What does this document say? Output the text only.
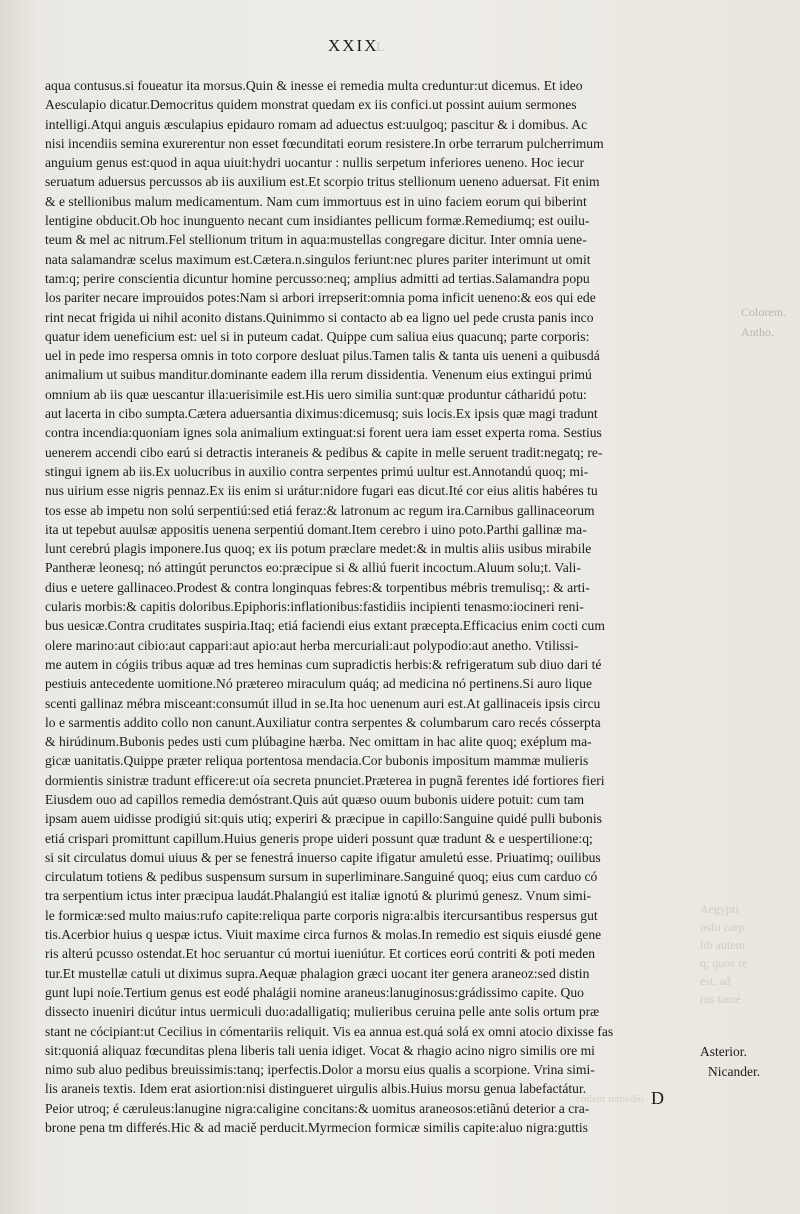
XXIX
L
aqua contusus.si foueatur ita morsus.Quin & inesse ei remedia multa creduntur:ut dicemus. Et ideo
Aesculapio dicatur.Democritus quidem monstrat quedam ex iis confici.ut possint auium sermones
intelligi.Atqui anguis æsculapius epidauro romam ad aduectus est:uulgoq; pascitur & i domibus. Ac
nisi incendiis semina exurerentur non esset fœcunditati eorum resistere.In orbe terrarum pulcherrimum
anguium genus est:quod in aqua uiuit:hydri uocantur : nullis serpetum inferiores ueneno. Hoc iecur
seruatum aduersus percussos ab iis auxilium est.Et scorpio tritus stellionum ueneno aduersat. Fit enim
& e stellionibus malum medicamentum. Nam cum immortuus est in uino faciem eorum qui biberint
lentigine obducit.Ob hoc inunguento necant cum insidiantes pellicum formæ.Remediumq; est ouilu-
teum & mel ac nitrum.Fel stellionum tritum in aqua:mustellas congregare dicitur. Inter omnia uene-
nata salamandræ scelus maximum est.Cætera.n.singulos feriunt:nec plures pariter interimunt ut omit
tam:q; perire conscientia dicuntur homine percusso:neq; amplius admitti ad tertias.Salamandra popu
los pariter necare improuidos potes:Nam si arbori irrepserit:omnia poma inficit ueneno:& eos qui ede
rint necat frigida ui nihil aconito distans.Quinimmo si contacto ab ea ligno uel pede crusta panis inco
quatur idem ueneficium est: uel si in puteum cadat. Quippe cum saliua eius quacunq; parte corporis:
uel in pede imo respersa omnis in toto corpore desluat pilus.Tamen talis & tanta uis ueneni a quibusdá
animalium ut suibus manditur.dominante eadem illa rerum dissidentia. Venenum eius extingui primú
omnium ab iis quæ uescantur illa:uerisimile est.His uero similia sunt:quæ produntur cátharidú potu:
aut lacerta in cibo sumpta.Cætera aduersantia diximus:dicemusq; suis locis.Ex ipsis quæ magi tradunt
contra incendia:quoniam ignes sola animalium extinguat:si forent uera iam esset experta roma. Sestius
uenerem accendi cibo earú si detractis interaneis & pedibus & capite in melle seruent tradit:negatq; re-
stingui ignem ab iis.Ex uolucribus in auxilio contra serpentes primú uultur est.Annotandú quoq; mi-
nus uirium esse nigris pennaz.Ex iis enim si urátur:nidore fugari eas dicut.Ité cor eius alitis habéres tu
tos esse ab impetu non solú serpentiú:sed etiá feraz:& latronum ac regum ira.Carnibus gallinaceorum
ita ut tepebut auulsæ appositis uenena serpentiú domant.Item cerebro i uino poto.Parthi gallinæ ma-
lunt cerebrú plagis imponere.Ius quoq; ex iis potum præclare medet:& in multis aliis usibus mirabile
Pantheræ leonesq; nó attingút perunctos eo:præcipue si & alliú fuerit incoctum.Aluum solu;t. Vali-
dius e uetere gallinaceo.Prodest & contra longinquas febres:& torpentibus mébris tremulisq;: & arti-
cularis morbis:& capitis doloribus.Epiphoris:inflationibus:fastidiis incipienti tenasmo:iocineri reni-
bus uesicæ.Contra cruditates suspiria.Itaq; etiá faciendi eius extant præcepta.Efficacius enim cocti cum
olere marino:aut cibio:aut cappari:aut apio:aut herba mercuriali:aut polypodio:aut anetho. Vtilissi-
me autem in cógiis tribus aquæ ad tres heminas cum supradictis herbis:& refrigeratum sub diuo dari té
pestiuis antecedente uomitione.Nó prætereo miraculum quáq; ad medicina nó pertinens.Si auro lique
scenti gallinaz mébra misceant:consumút illud in se.Ita hoc uenenum auri est.At gallinaceis ipsis circu
lo e sarmentis addito collo non canunt.Auxiliatur contra serpentes & columbarum caro recés cósserpta
& hirúdinum.Bubonis pedes usti cum plúbagine hærba. Nec omittam in hac alite quoq; exéplum ma-
gicæ uanitatis.Quippe præter reliqua portentosa mendacia.Cor bubonis impositum mammæ mulieris
dormientis sinistræ tradunt efficere:ut oía secreta pnunciet.Præterea in pugnã ferentes idé fortiores fieri
Eiusdem ouo ad capillos remedia demóstrant.Quis aút quæso ouum bubonis uidere potuit: cum tam
ipsam auem uidisse prodigiú sit:quis utiq; experiri & præcipue in capillo:Sanguine quidé pulli bubonis
etiá crispari promittunt capillum.Huius generis prope uideri possunt quæ tradunt & e uespertilione:q;
si sit circulatus domui uiuus & per se fenestrá inuerso capite ifigatur amuletú esse. Priuatimq; ouilibus
circulatum totiens & pedibus suspensum sursum in superliminare.Sanguiné quoq; eius cum carduo có
tra serpentium ictus inter præcipua laudát.Phalangiú est italiæ ignotú & plurimú genesz. Vnum simi-
le formicæ:sed multo maius:rufo capite:reliqua parte corporis nigra:albis itercursantibus respersus gut
tis.Acerbior huius q uespæ ictus. Viuit maxime circa furnos & molas.In remedio est siquis eiusdé gene
ris alterú pcusso ostendat.Et hoc seruantur cú mortui iueniútur. Et cortices eorú contriti & poti meden
tur.Et mustellæ catuli ut diximus supra.Aequæ phalagion græci uocant iter genera araneoz:sed distin
gunt lupi noíe.Tertium genus est eodé phalágii nomine araneus:lanuginosus:grádissimo capite. Quo
dissecto inueniri dicútur intus uermiculi duo:adalligatiq; mulieribus ceruina pelle ante solis ortum præ
stant ne cócipiant:ut Cecilius in cómentariis reliquit. Vis ea annua est.quá solá ex omni atocio dixisse fas
sit:quoniá aliquaz fœcunditas plena liberis tali uenia idiget. Vocat & rhagio acino nigro similis ore mi
nimo sub aluo pedibus breuissimis:tanq; iperfectis.Dolor a morsu eius qualis a scorpione. Vrina simi-
lis araneis textis. Idem erat asiortion:nisi distingueret uirgulis albis.Huius morsu genua labefactátur.
Peior utroq; é cæruleus:lanugine nigra:caligine concitans:& uomitus araneosos:etiãnú deterior a cra-
brone pena tm differés.Hic & ad maciě perducit.Myrmecion formicæ similis capite:aluo nigra:guttis
Colorem.
Antho.
Asterior.
Nicander.
Aegypti
osfo carp
lib autem
q; quos re
est. ad
rus tamé
codem remedio D
